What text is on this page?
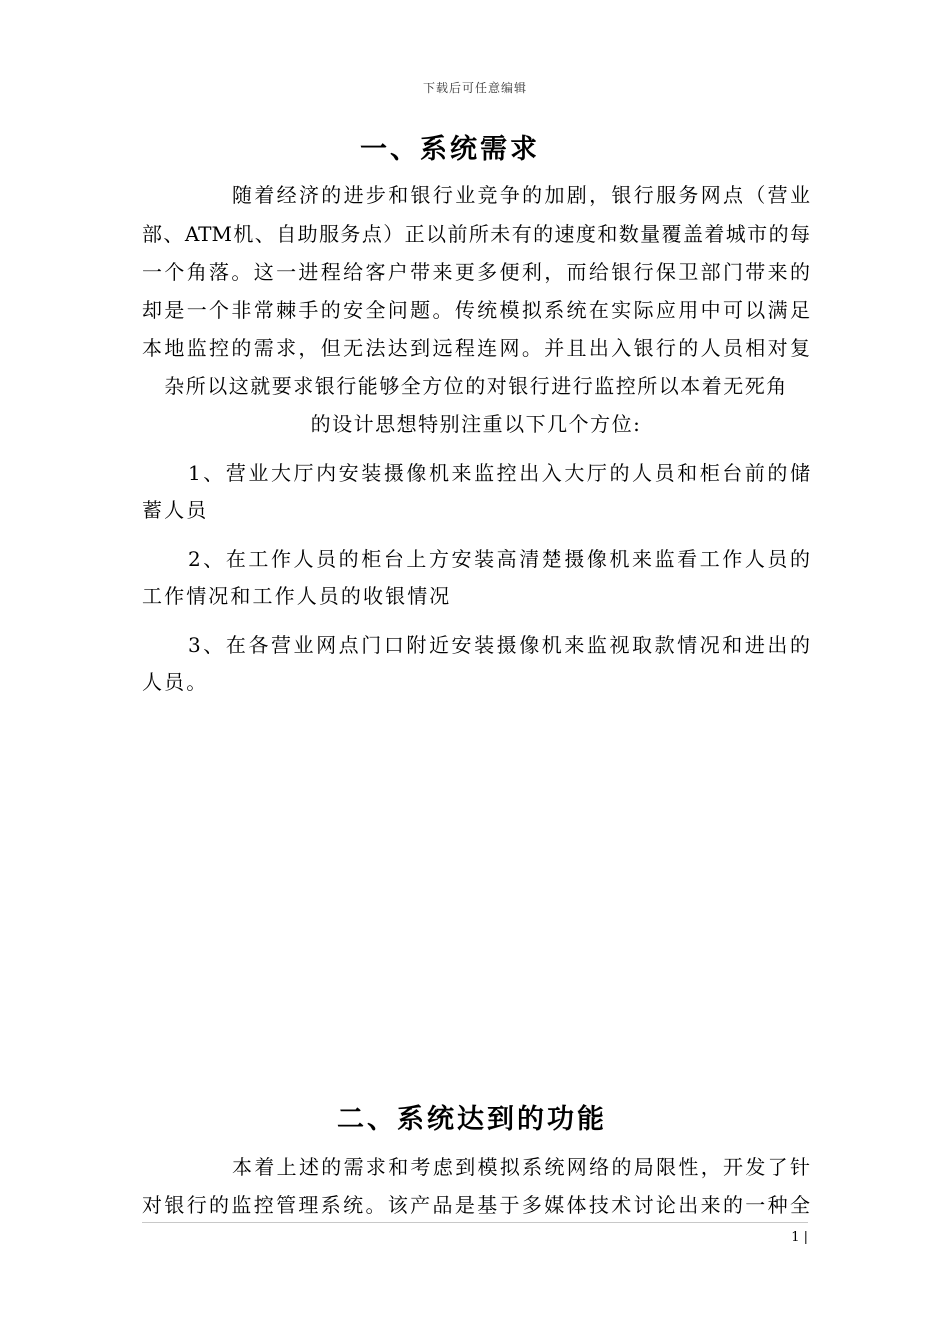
下载后可任意编辑
一、系统需求
随着经济的进步和银行业竞争的加剧，银行服务网点（营业
部、ATM机、自助服务点）正以前所未有的速度和数量覆盖着城市的每
一个角落。这一进程给客户带来更多便利，而给银行保卫部门带来的
却是一个非常棘手的安全问题。传统模拟系统在实际应用中可以满足
本地监控的需求，但无法达到远程连网。并且出入银行的人员相对复
杂所以这就要求银行能够全方位的对银行进行监控所以本着无死角
的设计思想特别注重以下几个方位:
1、营业大厅内安装摄像机来监控出入大厅的人员和柜台前的储
蓄人员
2、在工作人员的柜台上方安装高清楚摄像机来监看工作人员的
工作情况和工作人员的收银情况
3、在各营业网点门口附近安装摄像机来监视取款情况和进出的
人员。
二、系统达到的功能
本着上述的需求和考虑到模拟系统网络的局限性，开发了针
对银行的监控管理系统。该产品是基于多媒体技术讨论出来的一种全
1 |
